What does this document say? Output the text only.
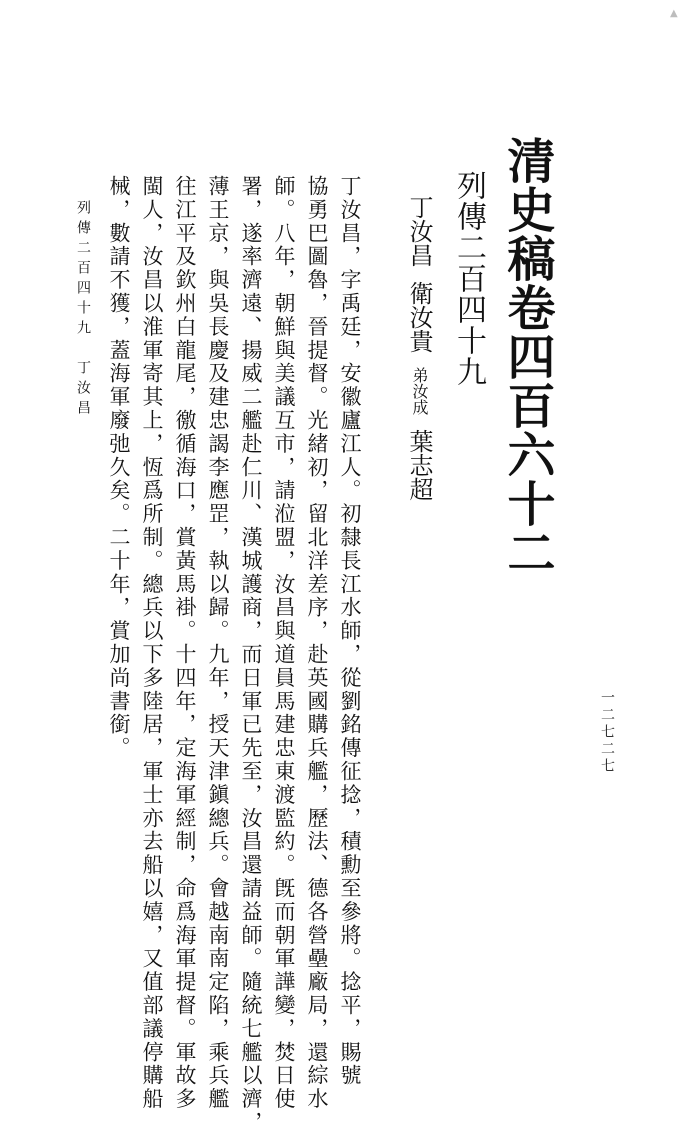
▲
清史稿卷四百六十二
列傳二百四十九
丁汝昌衛汝貴弟汝成葉志超
丁汝昌，字禹廷，安徽廬江人。初隸長江水師，從劉銘傳征捻，積勳至參將。捻平，賜號
協勇巴圖魯，晉提督。光緒初，留北洋差序，赴英國購兵艦，歷法、德各營壘廠局，還綜水
師。八年，朝鮮與美議互市，請涖盟，汝昌與道員馬建忠東渡監約。旣而朝軍譁變，焚日使
署，遂率濟遠、揚威二艦赴仁川、漢城護商，而日軍已先至，汝昌還請益師。隨統七艦以濟，
薄王京，與吳長慶及建忠謁李應罡，執以歸。九年，授天津鎭總兵。會越南南定陷，乘兵艦
往江平及欽州白龍尾，徼循海口，賞黃馬褂。十四年，定海軍經制，命爲海軍提督。軍故多
閩人，汝昌以淮軍寄其上，恆爲所制。總兵以下多陸居，軍士亦去船以嬉，又值部議停購船
械，數請不獲，蓋海軍廢弛久矣。二十年，賞加尚書銜。
列傳二百四十九　丁汝昌
一二七二七
